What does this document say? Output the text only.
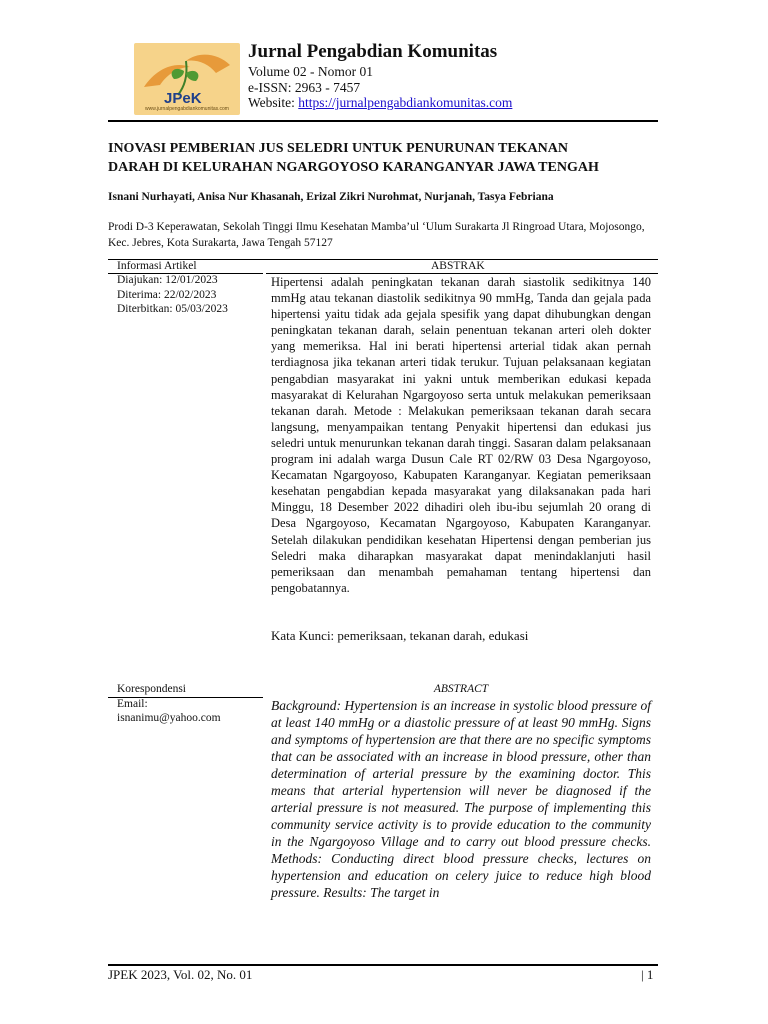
JPeK
www.jurnalpengabdiankomunitas.com
Jurnal Pengabdian Komunitas
Volume 02 - Nomor 01
e-ISSN: 2963 - 7457
Website: https://jurnalpengabdiankomunitas.com
INOVASI PEMBERIAN JUS SELEDRI UNTUK PENURUNAN TEKANAN
DARAH DI KELURAHAN NGARGOYOSO KARANGANYAR JAWA TENGAH
Isnani Nurhayati, Anisa Nur Khasanah, Erizal Zikri Nurohmat, Nurjanah, Tasya Febriana
Prodi D-3 Keperawatan, Sekolah Tinggi Ilmu Kesehatan Mamba’ul ‘Ulum Surakarta Jl Ringroad Utara, Mojosongo, Kec. Jebres, Kota Surakarta, Jawa Tengah 57127
Informasi Artikel	ABSTRAK
Diajukan: 12/01/2023
Diterima: 22/02/2023
Diterbitkan: 05/03/2023
Hipertensi adalah peningkatan tekanan darah siastolik sedikitnya 140 mmHg atau tekanan diastolik sedikitnya 90 mmHg, Tanda dan gejala pada hipertensi yaitu tidak ada gejala spesifik yang dapat dihubungkan dengan peningkatan tekanan darah, selain penentuan tekanan arteri oleh dokter yang memeriksa. Hal ini berati hipertensi arterial tidak akan pernah terdiagnosa jika tekanan arteri tidak terukur. Tujuan pelaksanaan kegiatan pengabdian masyarakat ini yakni untuk memberikan edukasi kepada masyarakat di Kelurahan Ngargoyoso serta untuk melakukan pemeriksaan tekanan darah. Metode : Melakukan pemeriksaan tekanan darah secara langsung, menyampaikan tentang Penyakit hipertensi dan edukasi jus seledri untuk menurunkan tekanan darah tinggi. Sasaran dalam pelaksanaan program ini adalah warga Dusun Cale RT 02/RW 03 Desa Ngargoyoso, Kecamatan Ngargoyoso, Kabupaten Karanganyar. Kegiatan pemeriksaan kesehatan pengabdian kepada masyarakat yang dilaksanakan pada hari Minggu, 18 Desember 2022 dihadiri oleh ibu-ibu sejumlah 20 orang di Desa Ngargoyoso, Kecamatan Ngargoyoso, Kabupaten Karanganyar. Setelah dilakukan pendidikan kesehatan Hipertensi dengan pemberian jus Seledri maka diharapkan masyarakat dapat menindaklanjuti hasil pemeriksaan dan menambah pemahaman tentang hipertensi dan pengobatannya.
Kata Kunci: pemeriksaan, tekanan darah, edukasi
Korespondensi
Email:
isnanimu@yahoo.com
ABSTRACT
Background: Hypertension is an increase in systolic blood pressure of at least 140 mmHg or a diastolic pressure of at least 90 mmHg. Signs and symptoms of hypertension are that there are no specific symptoms that can be associated with an increase in blood pressure, other than determination of arterial pressure by the examining doctor. This means that arterial hypertension will never be diagnosed if the arterial pressure is not measured. The purpose of implementing this community service activity is to provide education to the community in the Ngargoyoso Village and to carry out blood pressure checks. Methods: Conducting direct blood pressure checks, lectures on hypertension and education on celery juice to reduce high blood pressure. Results: The target in
JPEK 2023, Vol. 02, No. 01	| 1
